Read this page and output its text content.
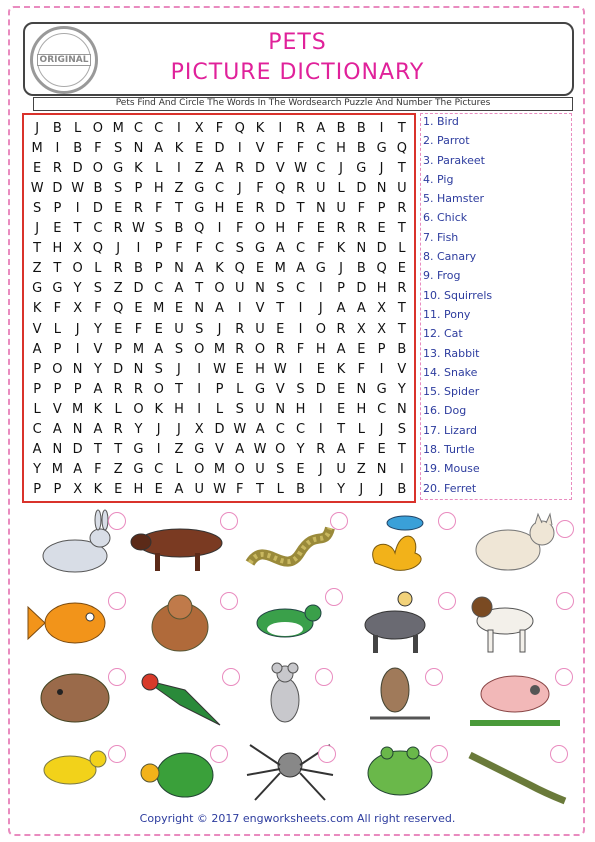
ORIGINAL
PETS
PICTURE DICTIONARY
Pets Find And Circle The Words In The Wordsearch Puzzle And Number The Pictures
J	B L O M C C	I	X F Q K	I	R A B B	I	T
M I	B F S N A K E D	I	V F F C H B G Q
E R D O G K L	I	Z A R D V W C	J	G	J	T
W D W B S P H Z G C	J	F Q R U L D N U
S P	I	D E R F T G H E R D T N U F P R
J	E T C R W S B Q	I	F O H F E R R E T
T H X Q	J	I	P F F C S G A C F K N D L
Z T O L R B P N A K Q E M A G	J	B Q E
G G Y S Z D C A T O U N S C	I	P D H R
K F X F Q E M E N A	I	V T	I	J	A A X T
V L	J	Y E F E U S	J	R U E	I	O R X X T
A P	I	V P M A S O M R O R F H A E P B
P O N Y D N S	J	I W E H W I	E K F	I	V
P P P A R R O T	I	P L G V S D E N G Y
L V M K L O K H	I	L S U N H	I	E H C N
C A N A R Y	J	J	X D W A C C	I	T L	J	S
A N D T T G	I	Z G V A W O Y R A F E T
Y M A F Z G C L O M O U S E	J	U Z N	I
P P X K E H E A U W F T L B	I	Y	J	J	B
1. Bird
2. Parrot
3. Parakeet
4. Pig
5. Hamster
6. Chick
7. Fish
8. Canary
9. Frog
10. Squirrels
11. Pony
12. Cat
13. Rabbit
14. Snake
15. Spider
16. Dog
17. Lizard
18. Turtle
19. Mouse
20. Ferret
Copyright © 2017 engworksheets.com All right reserved.
